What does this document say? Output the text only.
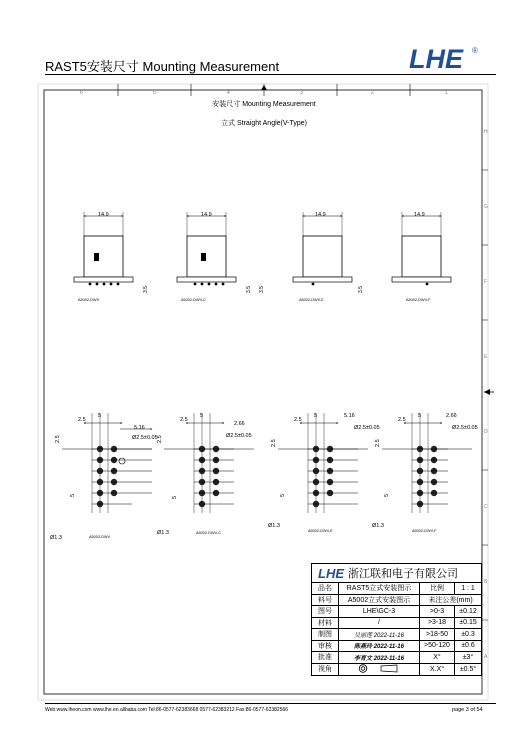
RAST5安装尺寸 Mounting Measurement	LHE ®
6	5	4	3	2	1
H
G
F
E
D
C
B
A
安装尺寸 Mounting Measurement
立式 Straight Angle(V-Type)
14.9
A5002-DWV
3.5
14.9
A5002-DWV-C
3.5
14.9
A5002-DWV-E
3.5
14.9
A5002-DWV-F
3.5
2.5
5
5.16
Ø2.5±0.05
2.5
5
Ø1.3	A5002-DWV
2.5
5
2.66
Ø2.5±0.05
2.5
5
Ø1.3	A5002-DWV-C
2.5
5	5.16
Ø2.5±0.05
2.5
5
Ø1.3
A5002-DWV-E
2.5
5	2.66
Ø2.5±0.05
2.5
5
Ø1.3
A5002-DWV-F
LHE 浙江联和电子有限公司
品名	RAST5立式安装图示	比例	1 : 1
料号	A5002立式安装图示	未注公差(mm)	
图号	LHE\GC-3	>0-3	±0.12
材料	/	>3-18	±0.15
制图	吴丽莲 2022-11-16	>18-50	±0.3
审核	陈燕玲 2022-11-16	>50-120	±0.6
批准	李育文 2022-11-16	X°	±3°
视角		X.X°	±0.5°
Web:www.lheon.com www.lhe.en.alibaba.com Tel:86-0577-62383668 0577-62383212 Fax:86-0577-62382566	page 3 of 54
